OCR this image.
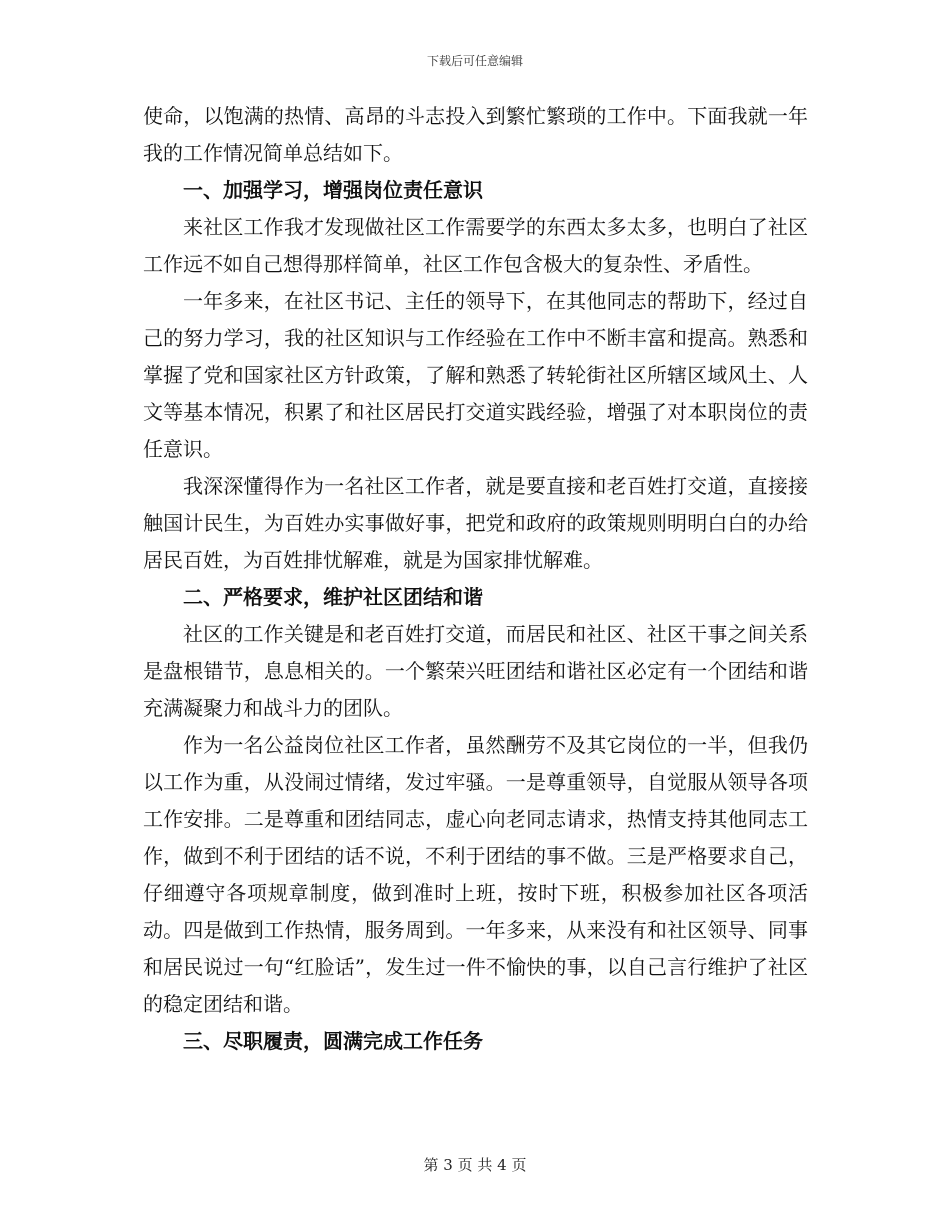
下载后可任意编辑

使命，以饱满的热情、高昂的斗志投入到繁忙繁琐的工作中。下面我就一年我的工作情况简单总结如下。

一、加强学习，增强岗位责任意识

来社区工作我才发现做社区工作需要学的东西太多太多，也明白了社区工作远不如自己想得那样简单，社区工作包含极大的复杂性、矛盾性。

一年多来，在社区书记、主任的领导下，在其他同志的帮助下，经过自己的努力学习，我的社区知识与工作经验在工作中不断丰富和提高。熟悉和掌握了党和国家社区方针政策，了解和熟悉了转轮街社区所辖区域风土、人文等基本情况，积累了和社区居民打交道实践经验，增强了对本职岗位的责任意识。

我深深懂得作为一名社区工作者，就是要直接和老百姓打交道，直接接触国计民生，为百姓办实事做好事，把党和政府的政策规则明明白白的办给居民百姓，为百姓排忧解难，就是为国家排忧解难。

二、严格要求，维护社区团结和谐

社区的工作关键是和老百姓打交道，而居民和社区、社区干事之间关系是盘根错节，息息相关的。一个繁荣兴旺团结和谐社区必定有一个团结和谐充满凝聚力和战斗力的团队。

作为一名公益岗位社区工作者，虽然酬劳不及其它岗位的一半，但我仍以工作为重，从没闹过情绪，发过牢骚。一是尊重领导，自觉服从领导各项工作安排。二是尊重和团结同志，虚心向老同志请求，热情支持其他同志工作，做到不利于团结的话不说，不利于团结的事不做。三是严格要求自己，仔细遵守各项规章制度，做到准时上班，按时下班，积极参加社区各项活动。四是做到工作热情，服务周到。一年多来，从来没有和社区领导、同事和居民说过一句“红脸话”，发生过一件不愉快的事，以自己言行维护了社区的稳定团结和谐。

三、尽职履责，圆满完成工作任务
第 3 页 共 4 页
